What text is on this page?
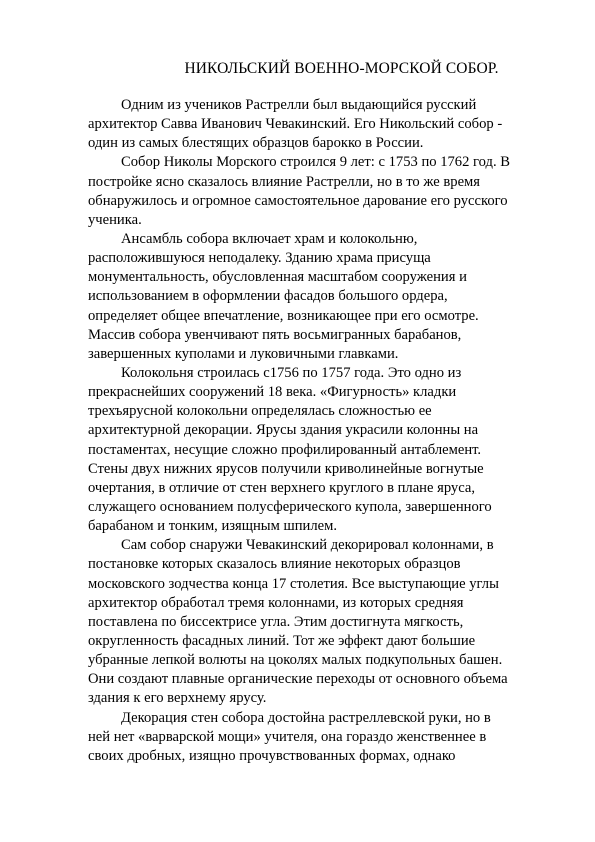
НИКОЛЬСКИЙ ВОЕННО-МОРСКОЙ СОБОР.
Одним из учеников Растрелли был выдающийся русский
архитектор Савва Иванович Чевакинский. Его Никольский собор -
один из самых блестящих образцов барокко в России.
Собор Николы Морского строился 9 лет: с 1753 по 1762 год. В
постройке ясно сказалось влияние Растрелли, но в то же время
обнаружилось и огромное самостоятельное дарование его русского
ученика.
Ансамбль собора включает храм и колокольню,
расположившуюся неподалеку. Зданию храма присуща
монументальность, обусловленная масштабом сооружения и
использованием в оформлении фасадов большого ордера,
определяет общее впечатление, возникающее при его осмотре.
Массив собора увенчивают пять восьмигранных барабанов,
завершенных куполами и луковичными главками.
Колокольня строилась с1756 по 1757 года. Это одно из
прекраснейших сооружений 18 века. «Фигурность» кладки
трехъярусной колокольни определялась сложностью ее
архитектурной декорации. Ярусы здания украсили колонны на
постаментах, несущие сложно профилированный антаблемент.
Стены двух нижних ярусов получили криволинейные вогнутые
очертания, в отличие от стен верхнего круглого в плане яруса,
служащего основанием полусферического купола, завершенного
барабаном и тонким, изящным шпилем.
Сам собор снаружи Чевакинский декорировал колоннами, в
постановке которых сказалось влияние некоторых образцов
московского зодчества конца 17 столетия. Все выступающие углы
архитектор обработал тремя колоннами, из которых средняя
поставлена по биссектрисе угла. Этим достигнута мягкость,
округленность фасадных линий. Тот же эффект дают большие
убранные лепкой волюты на цоколях малых подкупольных башен.
Они создают плавные органические переходы от основного объема
здания к его верхнему ярусу.
Декорация стен собора достойна растреллевской руки, но в
ней нет «варварской мощи» учителя, она гораздо женственнее в
своих дробных, изящно прочувствованных формах, однако
